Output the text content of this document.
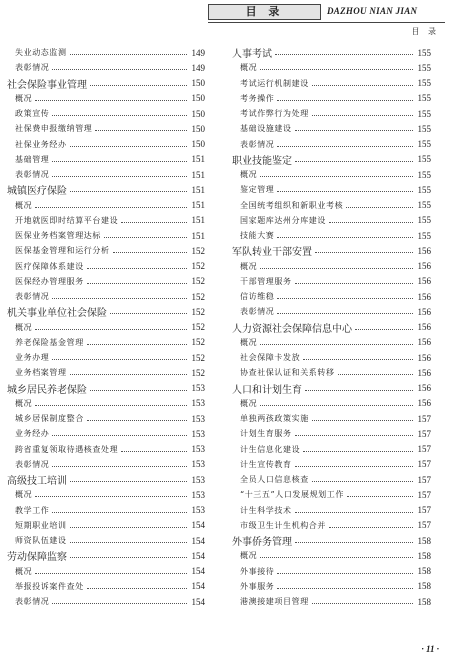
目 录	DAZHOU NIAN JIAN
目 录
失业动态监测	149
表彰情况	149
社会保险事业管理	150
概况	150
政策宣传	150
社保费申报缴纳管理	150
社保业务经办	150
基础管理	151
表彰情况	151
城镇医疗保险	151
概况	151
开地就医即时结算平台建设	151
医保业务档案管理达标	151
医保基金管理和运行分析	152
医疗保障体系建设	152
医保经办管理服务	152
表彰情况	152
机关事业单位社会保险	152
概况	152
养老保险基金管理	152
业务办理	152
业务档案管理	152
城乡居民养老保险	153
概况	153
城乡居保制度整合	153
业务经办	153
跨省重复领取待遇核查处理	153
表彰情况	153
高级技工培训	153
概况	153
教学工作	153
短期职业培训	154
师资队伍建设	154
劳动保障监察	154
概况	154
举报投诉案件查处	154
表彰情况	154
人事考试	155
概况	155
考试运行机制建设	155
考务操作	155
考试作弊行为处理	155
基础设施建设	155
表彰情况	155
职业技能鉴定	155
概况	155
鉴定管理	155
全国统考组织和新职业考核	155
国家题库达州分库建设	155
技能大赛	155
军队转业干部安置	156
概况	156
干部管理服务	156
信访维稳	156
表彰情况	156
人力资源社会保障信息中心	156
概况	156
社会保障卡发放	156
协查社保认证和关系转移	156
人口和计划生育	156
概况	156
单独两孩政策实施	157
计划生育服务	157
计生信息化建设	157
计生宣传教育	157
全员人口信息核查	157
“十三五”人口发展规划工作	157
计生科学技术	157
市级卫生计生机构合并	157
外事侨务管理	158
概况	158
外事接待	158
外事服务	158
港澳接建项目管理	158
· 11 ·
